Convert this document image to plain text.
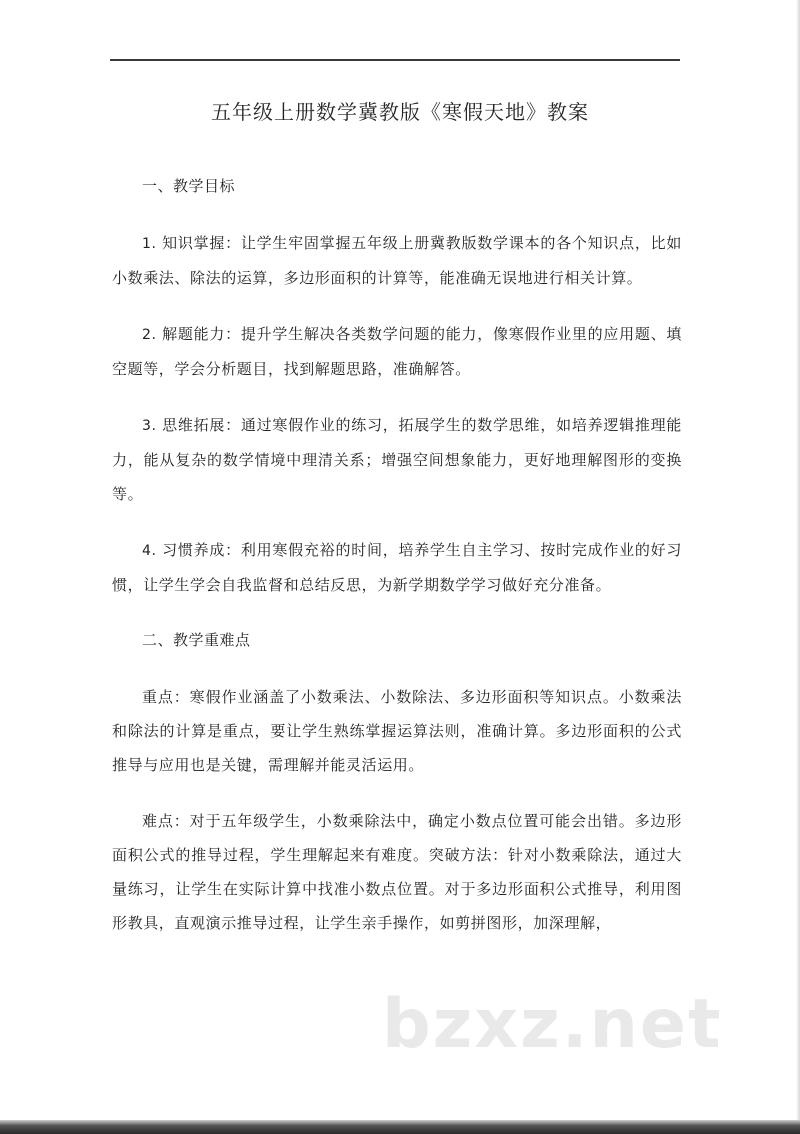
五年级上册数学冀教版《寒假天地》教案
一、教学目标

1. 知识掌握：让学生牢固掌握五年级上册冀教版数学课本的各个知识点，比如小数乘法、除法的运算，多边形面积的计算等，能准确无误地进行相关计算。

2. 解题能力：提升学生解决各类数学问题的能力，像寒假作业里的应用题、填空题等，学会分析题目，找到解题思路，准确解答。

3. 思维拓展：通过寒假作业的练习，拓展学生的数学思维，如培养逻辑推理能力，能从复杂的数学情境中理清关系；增强空间想象能力，更好地理解图形的变换等。

4. 习惯养成：利用寒假充裕的时间，培养学生自主学习、按时完成作业的好习惯，让学生学会自我监督和总结反思，为新学期数学学习做好充分准备。

二、教学重难点

重点：寒假作业涵盖了小数乘法、小数除法、多边形面积等知识点。小数乘法和除法的计算是重点，要让学生熟练掌握运算法则，准确计算。多边形面积的公式推导与应用也是关键，需理解并能灵活运用。

难点：对于五年级学生，小数乘除法中，确定小数点位置可能会出错。多边形面积公式的推导过程，学生理解起来有难度。突破方法：针对小数乘除法，通过大量练习，让学生在实际计算中找准小数点位置。对于多边形面积公式推导，利用图形教具，直观演示推导过程，让学生亲手操作，如剪拼图形，加深理解，

bzxz.net
